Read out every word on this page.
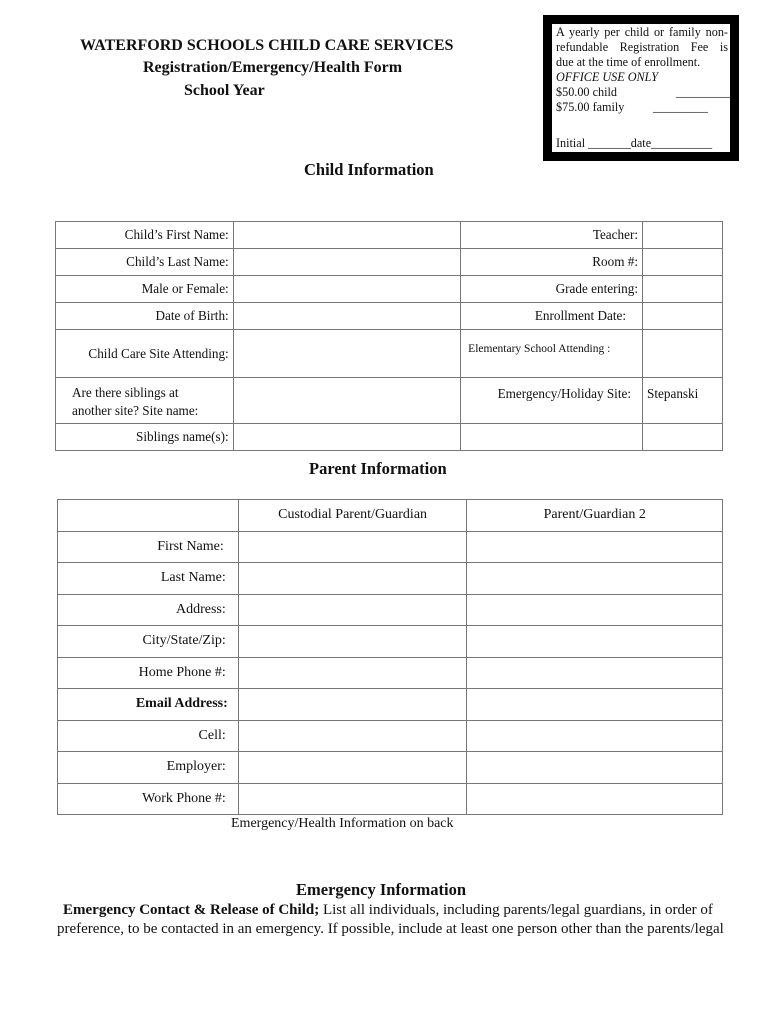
WATERFORD SCHOOLS CHILD CARE SERVICES
Registration/Emergency/Health Form
School Year
A yearly per child or family non-
refundable Registration Fee is
due at the time of enrollment.
OFFICE USE ONLY
$50.00 child	_________
$75.00 family _________
Initial _______date__________
Child Information
Child’s First Name:		Teacher:	
Child’s Last Name:		Room #:	
Male or Female:		Grade entering:	
Date of Birth:		Enrollment Date:	
Child Care Site Attending:		Elementary School Attending :	

Are there siblings at
another site? Site name:		Emergency/Holiday Site:	Stepanski
Siblings name(s):			
Parent Information
	Custodial Parent/Guardian	Parent/Guardian 2
First Name:		
Last Name:		
Address:		
City/State/Zip:		
Home Phone #:		
Email Address:		
Cell:		
Employer:		
Work Phone #:		
Emergency/Health Information on back
Emergency Information
Emergency Contact & Release of Child; List all individuals, including parents/legal guardians, in order of
preference, to be contacted in an emergency. If possible, include at least one person other than the parents/legal
